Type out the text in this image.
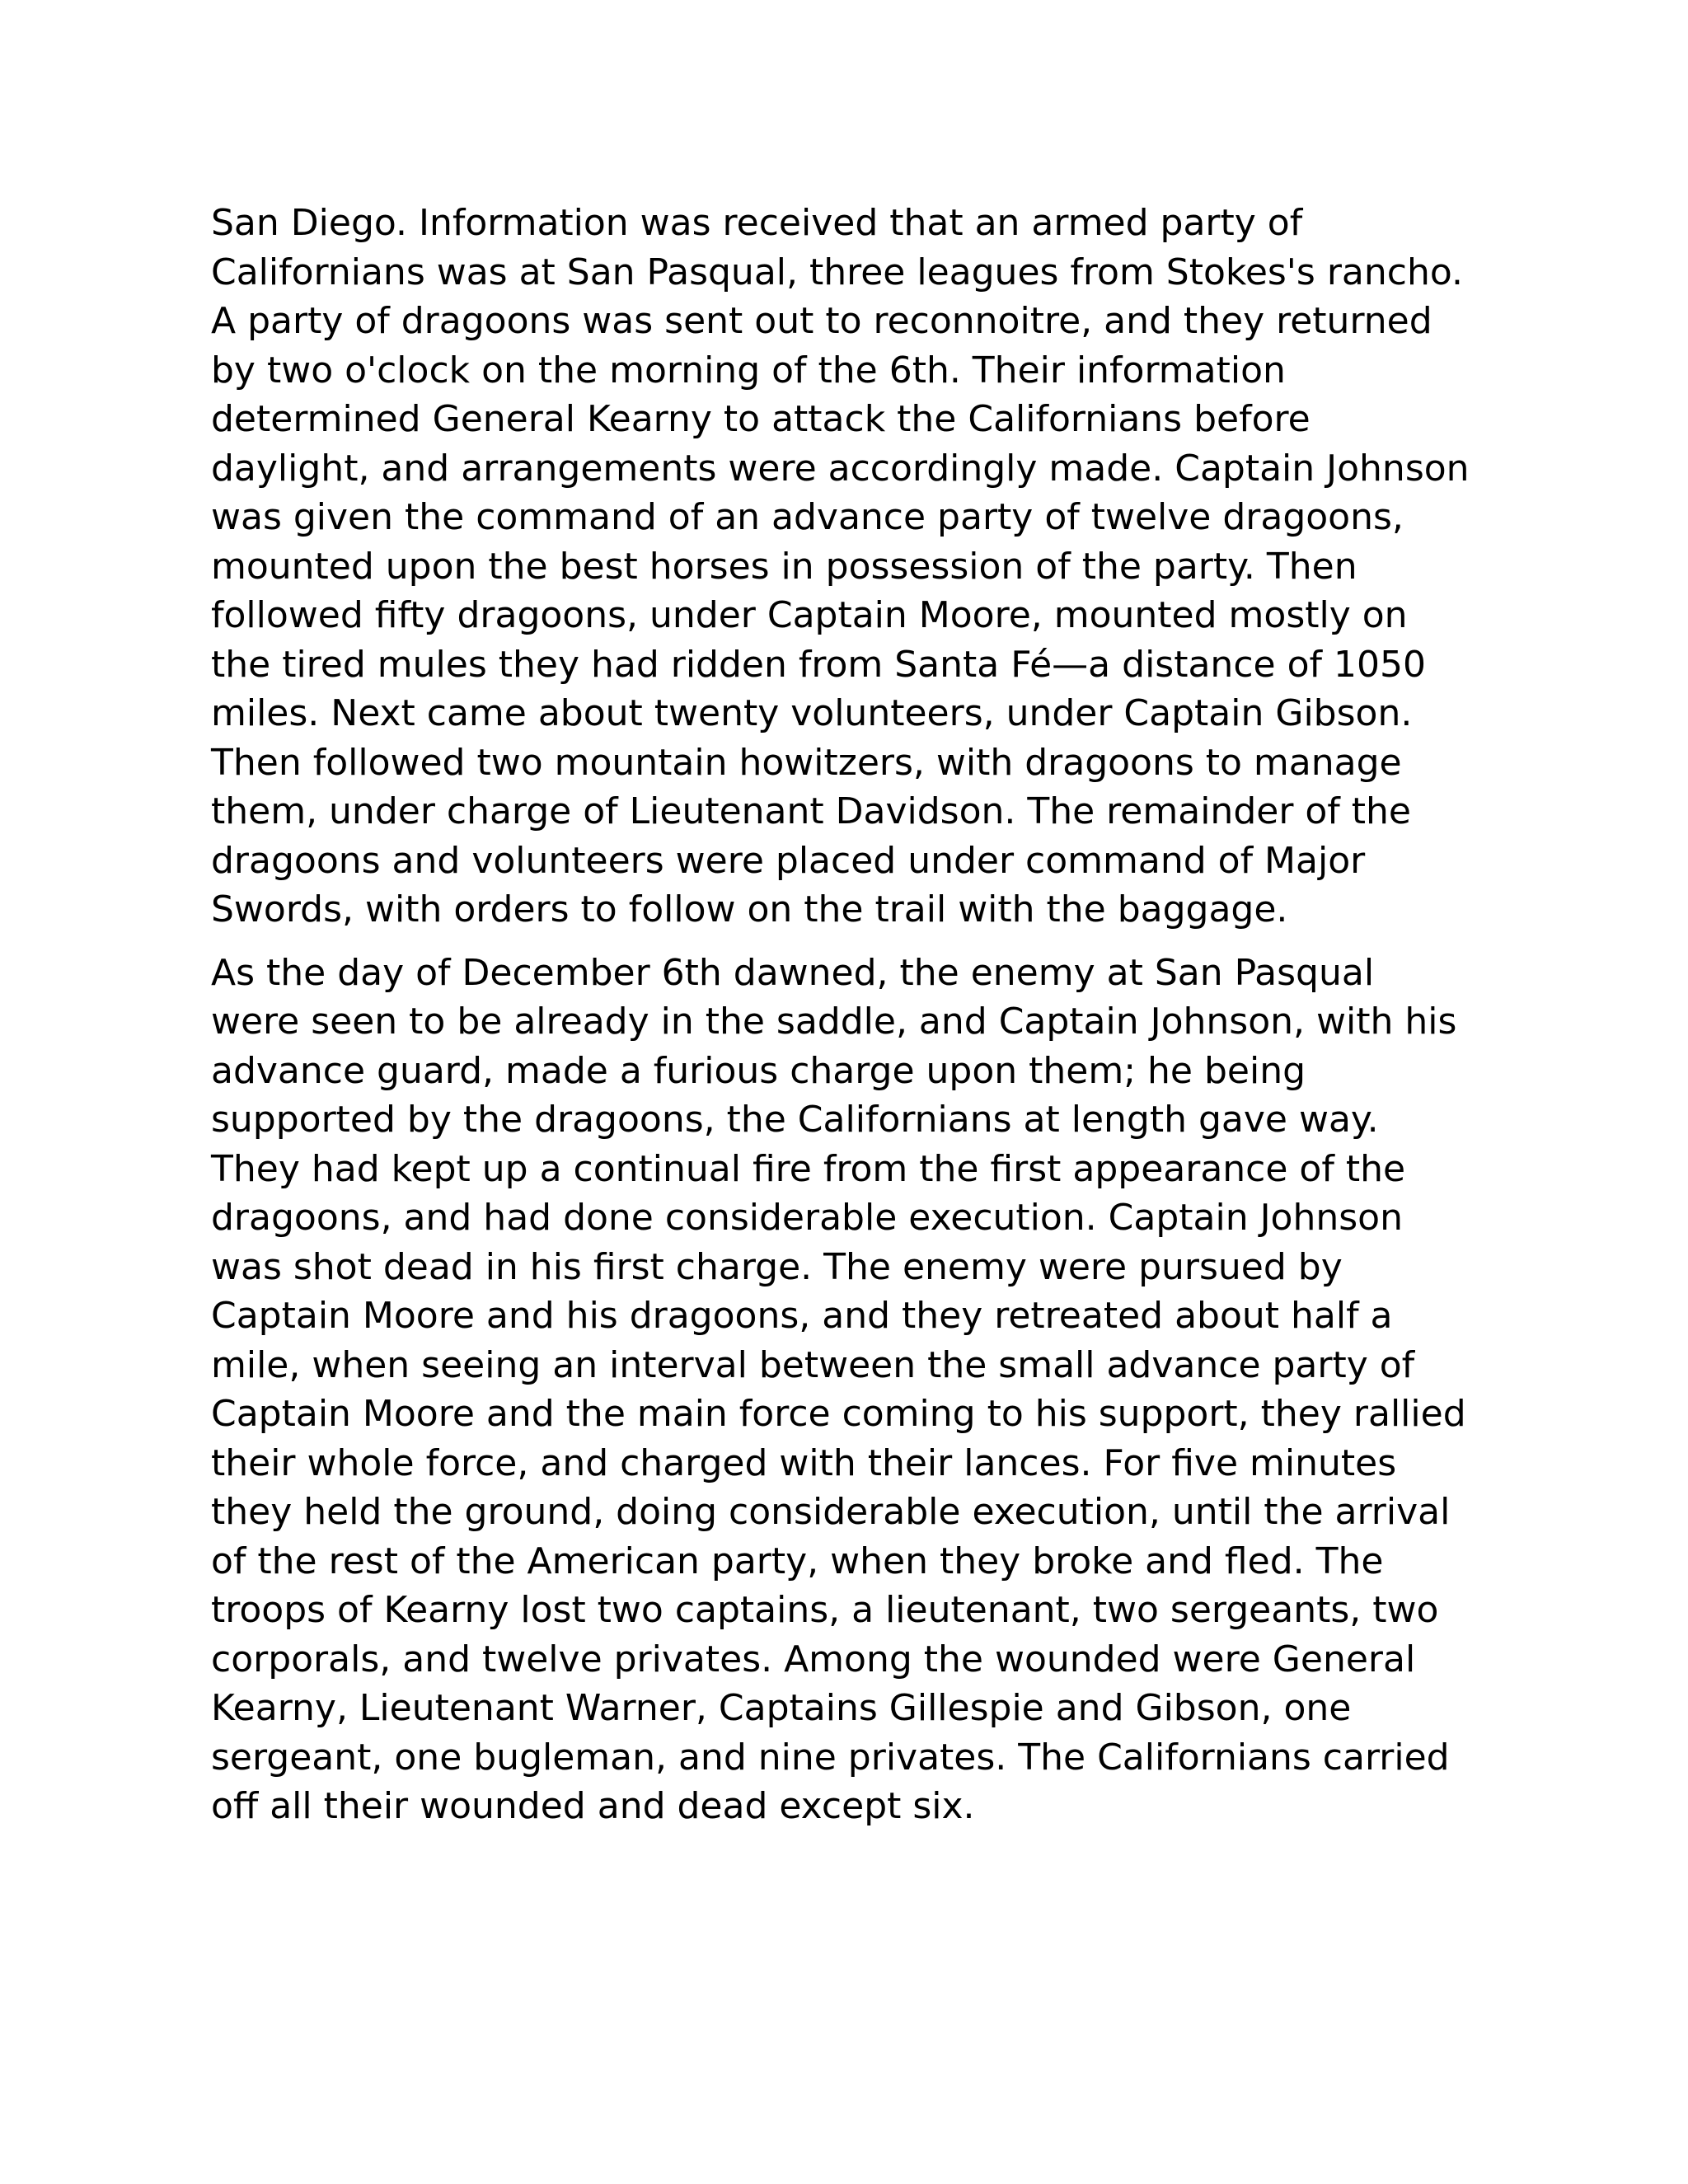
San Diego. Information was received that an armed party of
Californians was at San Pasqual, three leagues from Stokes's rancho.
A party of dragoons was sent out to reconnoitre, and they returned
by two o'clock on the morning of the 6th. Their information
determined General Kearny to attack the Californians before
daylight, and arrangements were accordingly made. Captain Johnson
was given the command of an advance party of twelve dragoons,
mounted upon the best horses in possession of the party. Then
followed fifty dragoons, under Captain Moore, mounted mostly on
the tired mules they had ridden from Santa Fé—a distance of 1050
miles. Next came about twenty volunteers, under Captain Gibson.
Then followed two mountain howitzers, with dragoons to manage
them, under charge of Lieutenant Davidson. The remainder of the
dragoons and volunteers were placed under command of Major
Swords, with orders to follow on the trail with the baggage.

As the day of December 6th dawned, the enemy at San Pasqual
were seen to be already in the saddle, and Captain Johnson, with his
advance guard, made a furious charge upon them; he being
supported by the dragoons, the Californians at length gave way.
They had kept up a continual fire from the first appearance of the
dragoons, and had done considerable execution. Captain Johnson
was shot dead in his first charge. The enemy were pursued by
Captain Moore and his dragoons, and they retreated about half a
mile, when seeing an interval between the small advance party of
Captain Moore and the main force coming to his support, they rallied
their whole force, and charged with their lances. For five minutes
they held the ground, doing considerable execution, until the arrival
of the rest of the American party, when they broke and fled. The
troops of Kearny lost two captains, a lieutenant, two sergeants, two
corporals, and twelve privates. Among the wounded were General
Kearny, Lieutenant Warner, Captains Gillespie and Gibson, one
sergeant, one bugleman, and nine privates. The Californians carried
off all their wounded and dead except six.
